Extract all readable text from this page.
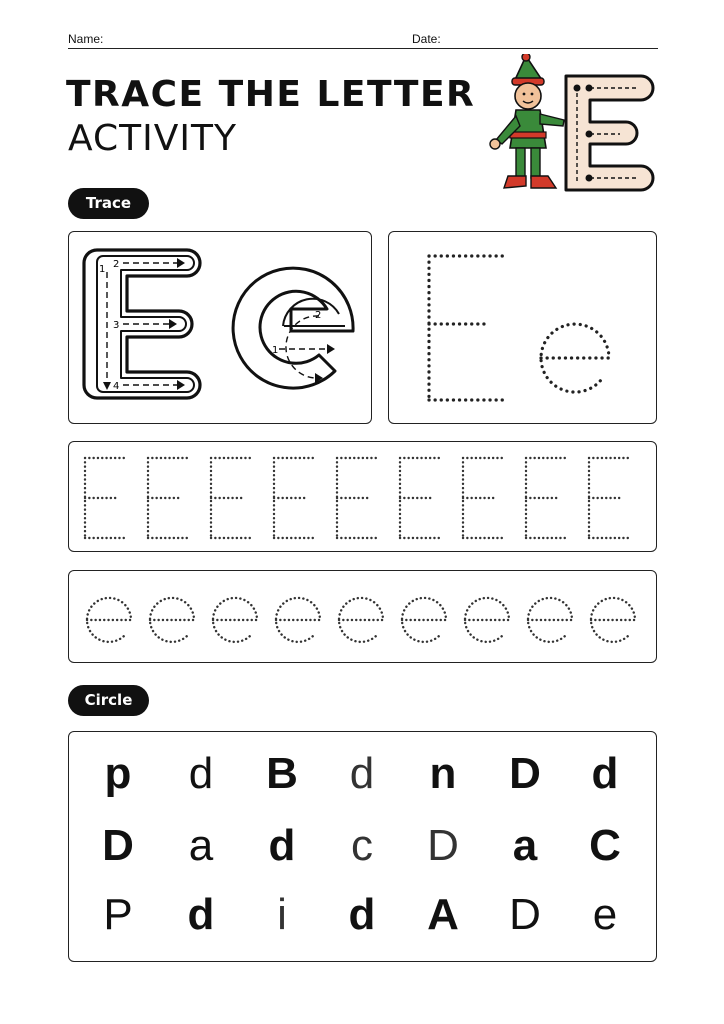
Name:	Date:
TRACE THE LETTER
ACTIVITY
Trace
Circle
1 2
3
4
1
2
p	d	B	d	n	D	d
D	a	d	c	D	a	C
P	d	i	d	A	D	e
